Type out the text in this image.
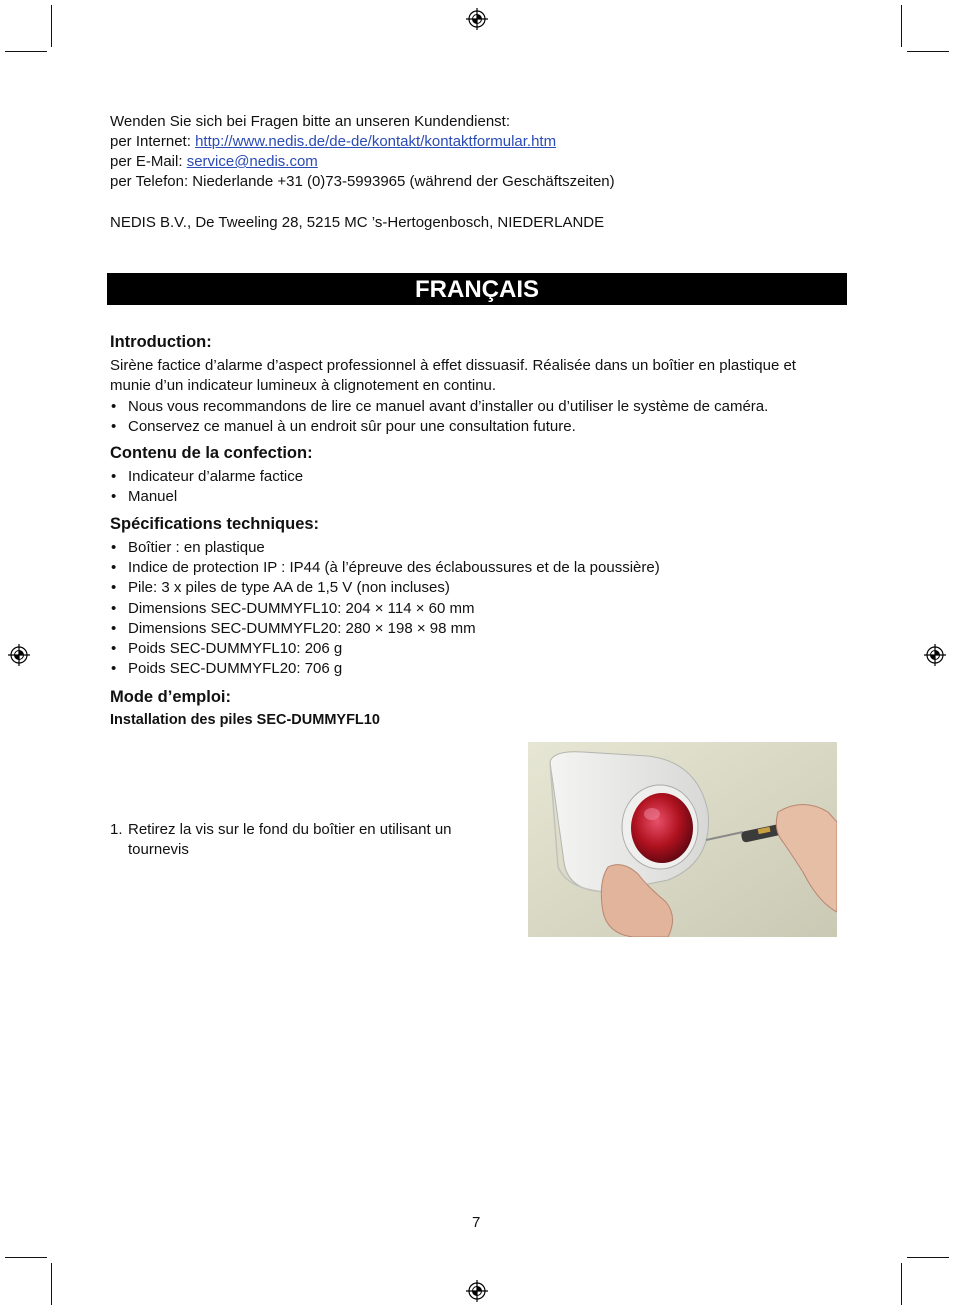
Wenden Sie sich bei Fragen bitte an unseren Kundendienst:
per Internet: http://www.nedis.de/de-de/kontakt/kontaktformular.htm
per E-Mail: service@nedis.com
per Telefon: Niederlande +31 (0)73-5993965 (während der Geschäftszeiten)
NEDIS B.V., De Tweeling 28, 5215 MC ’s-Hertogenbosch, NIEDERLANDE
FRANÇAIS
Introduction:
Sirène factice d’alarme d’aspect professionnel à effet dissuasif. Réalisée dans un boîtier en plastique et
munie d’un indicateur lumineux à clignotement en continu.
• Nous vous recommandons de lire ce manuel avant d’installer ou d’utiliser le système de caméra.
• Conservez ce manuel à un endroit sûr pour une consultation future.
Contenu de la confection:
• Indicateur d’alarme factice
• Manuel
Spécifications techniques:
• Boîtier : en plastique
• Indice de protection IP : IP44 (à l’épreuve des éclaboussures et de la poussière)
• Pile: 3 x piles de type AA de 1,5 V (non incluses)
• Dimensions SEC-DUMMYFL10: 204 × 114 × 60 mm
• Dimensions SEC-DUMMYFL20: 280 × 198 × 98 mm
• Poids SEC-DUMMYFL10: 206 g
• Poids SEC-DUMMYFL20: 706 g
Mode d’emploi:
Installation des piles SEC-DUMMYFL10
1. Retirez la vis sur le fond du boîtier en utilisant un
tournevis
7
